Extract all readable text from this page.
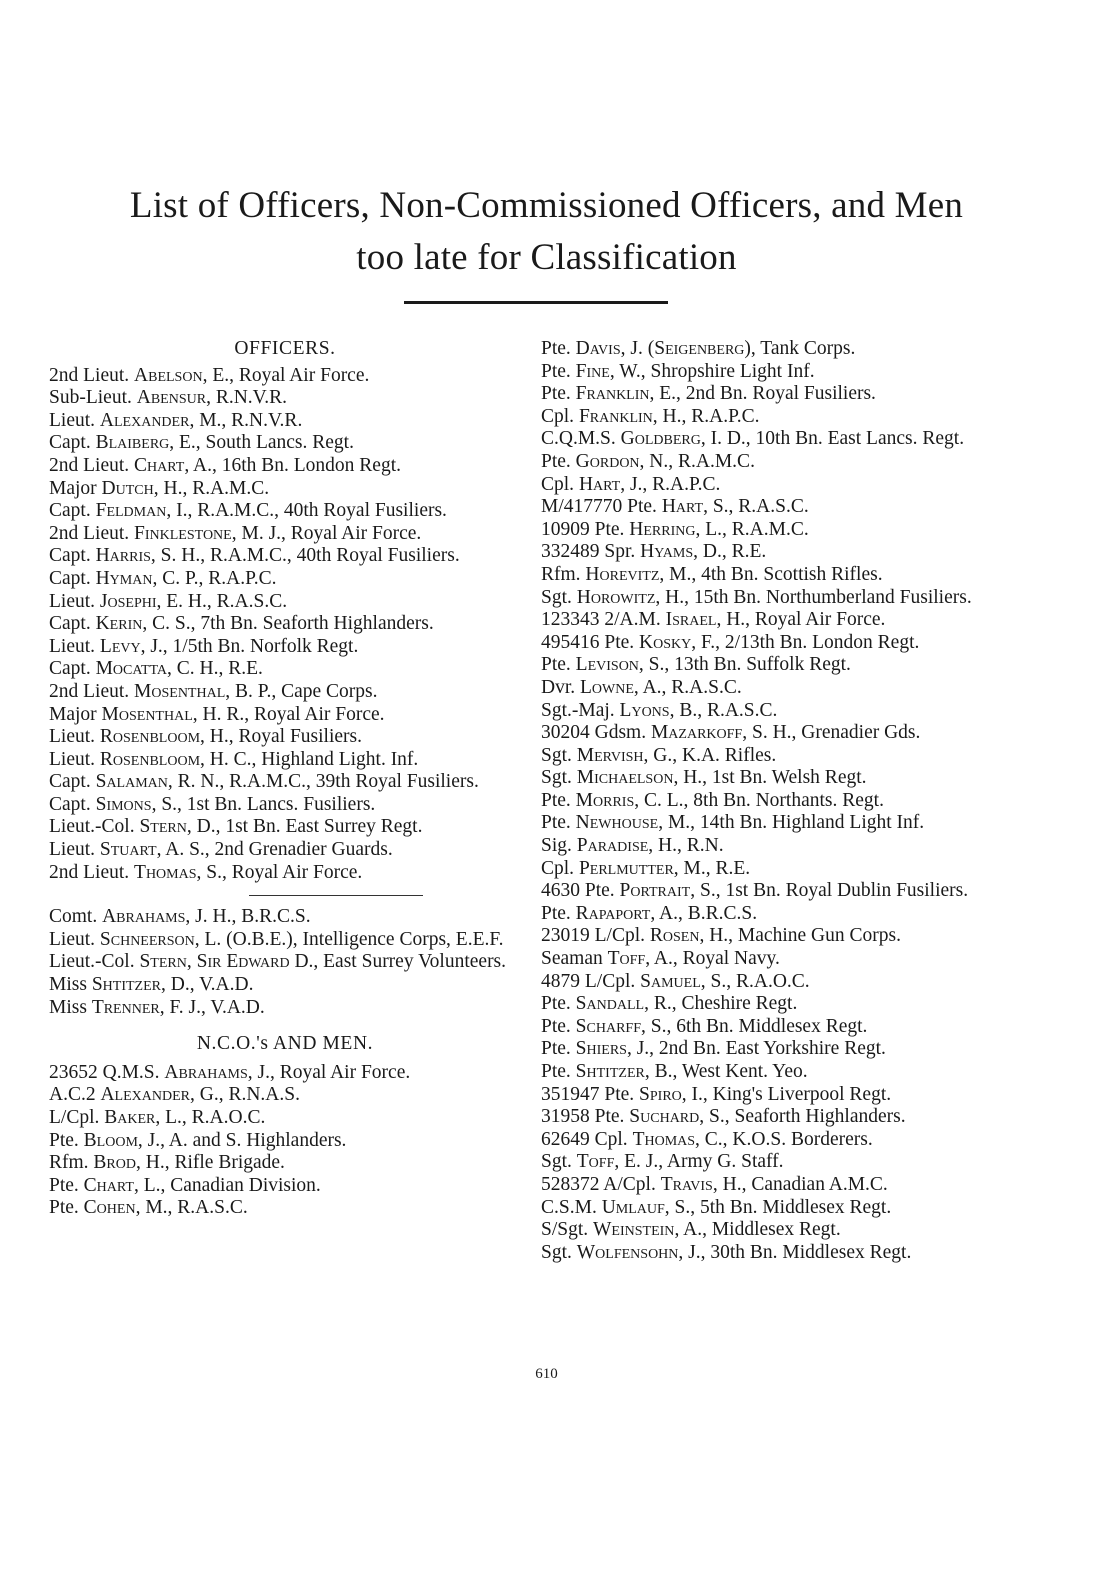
List of Officers, Non-Commissioned Officers, and Men
too late for Classification
OFFICERS.
2nd Lieut. Abelson, E., Royal Air Force.
Sub-Lieut. Abensur, R.N.V.R.
Lieut. Alexander, M., R.N.V.R.
Capt. Blaiberg, E., South Lancs. Regt.
2nd Lieut. Chart, A., 16th Bn. London Regt.
Major Dutch, H., R.A.M.C.
Capt. Feldman, I., R.A.M.C., 40th Royal Fusiliers.
2nd Lieut. Finklestone, M. J., Royal Air Force.
Capt. Harris, S. H., R.A.M.C., 40th Royal Fusiliers.
Capt. Hyman, C. P., R.A.P.C.
Lieut. Josephi, E. H., R.A.S.C.
Capt. Kerin, C. S., 7th Bn. Seaforth Highlanders.
Lieut. Levy, J., 1/5th Bn. Norfolk Regt.
Capt. Mocatta, C. H., R.E.
2nd Lieut. Mosenthal, B. P., Cape Corps.
Major Mosenthal, H. R., Royal Air Force.
Lieut. Rosenbloom, H., Royal Fusiliers.
Lieut. Rosenbloom, H. C., Highland Light. Inf.
Capt. Salaman, R. N., R.A.M.C., 39th Royal Fusiliers.
Capt. Simons, S., 1st Bn. Lancs. Fusiliers.
Lieut.-Col. Stern, D., 1st Bn. East Surrey Regt.
Lieut. Stuart, A. S., 2nd Grenadier Guards.
2nd Lieut. Thomas, S., Royal Air Force.
Comt. Abrahams, J. H., B.R.C.S.
Lieut. Schneerson, L. (O.B.E.), Intelligence Corps, E.E.F.
Lieut.-Col. Stern, Sir Edward D., East Surrey Volunteers.
Miss Shtitzer, D., V.A.D.
Miss Trenner, F. J., V.A.D.
N.C.O.'s AND MEN.
23652 Q.M.S. Abrahams, J., Royal Air Force.
A.C.2 Alexander, G., R.N.A.S.
L/Cpl. Baker, L., R.A.O.C.
Pte. Bloom, J., A. and S. Highlanders.
Rfm. Brod, H., Rifle Brigade.
Pte. Chart, L., Canadian Division.
Pte. Cohen, M., R.A.S.C.
Pte. Davis, J. (Seigenberg), Tank Corps.
Pte. Fine, W., Shropshire Light Inf.
Pte. Franklin, E., 2nd Bn. Royal Fusiliers.
Cpl. Franklin, H., R.A.P.C.
C.Q.M.S. Goldberg, I. D., 10th Bn. East Lancs. Regt.
Pte. Gordon, N., R.A.M.C.
Cpl. Hart, J., R.A.P.C.
M/417770 Pte. Hart, S., R.A.S.C.
10909 Pte. Herring, L., R.A.M.C.
332489 Spr. Hyams, D., R.E.
Rfm. Horevitz, M., 4th Bn. Scottish Rifles.
Sgt. Horowitz, H., 15th Bn. Northumberland Fusiliers.
123343 2/A.M. Israel, H., Royal Air Force.
495416 Pte. Kosky, F., 2/13th Bn. London Regt.
Pte. Levison, S., 13th Bn. Suffolk Regt.
Dvr. Lowne, A., R.A.S.C.
Sgt.-Maj. Lyons, B., R.A.S.C.
30204 Gdsm. Mazarkoff, S. H., Grenadier Gds.
Sgt. Mervish, G., K.A. Rifles.
Sgt. Michaelson, H., 1st Bn. Welsh Regt.
Pte. Morris, C. L., 8th Bn. Northants. Regt.
Pte. Newhouse, M., 14th Bn. Highland Light Inf.
Sig. Paradise, H., R.N.
Cpl. Perlmutter, M., R.E.
4630 Pte. Portrait, S., 1st Bn. Royal Dublin Fusiliers.
Pte. Rapaport, A., B.R.C.S.
23019 L/Cpl. Rosen, H., Machine Gun Corps.
Seaman Toff, A., Royal Navy.
4879 L/Cpl. Samuel, S., R.A.O.C.
Pte. Sandall, R., Cheshire Regt.
Pte. Scharff, S., 6th Bn. Middlesex Regt.
Pte. Shiers, J., 2nd Bn. East Yorkshire Regt.
Pte. Shtitzer, B., West Kent. Yeo.
351947 Pte. Spiro, I., King's Liverpool Regt.
31958 Pte. Suchard, S., Seaforth Highlanders.
62649 Cpl. Thomas, C., K.O.S. Borderers.
Sgt. Toff, E. J., Army G. Staff.
528372 A/Cpl. Travis, H., Canadian A.M.C.
C.S.M. Umlauf, S., 5th Bn. Middlesex Regt.
S/Sgt. Weinstein, A., Middlesex Regt.
Sgt. Wolfensohn, J., 30th Bn. Middlesex Regt.
610
